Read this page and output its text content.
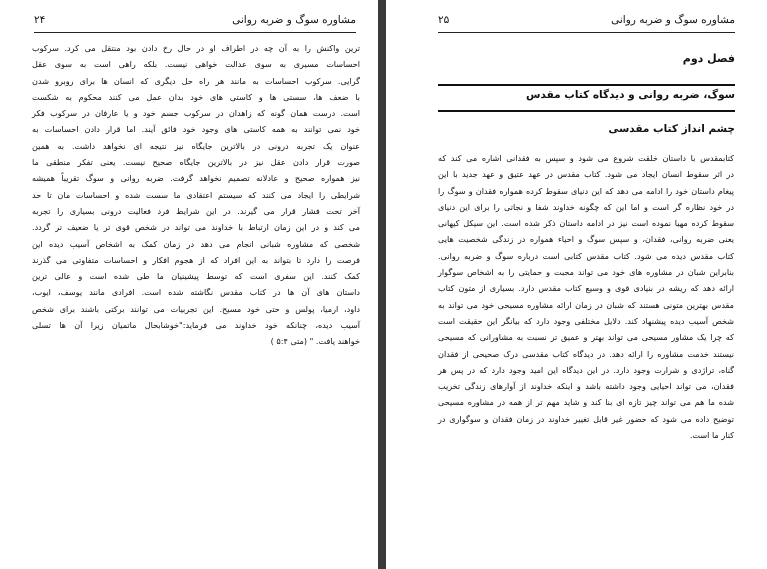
مشاوره سوگ و ضربه روانی
۲۴
ترین واکنش را به آن چه در اطراف او در حال رخ دادن بود منتقل می کرد. سرکوب
احساسات مسیری به سوی عدالت خواهی نیست. بلکه راهی است به سوی عقل
گرایی. سرکوب احساسات به مانند هر راه حل دیگری که انسان ها برای روبرو شدن
با ضعف ها، سستی ها و کاستی های خود بدان عمل می کنند محکوم به شکست
است. درست همان گونه که زاهدان در سرکوب جسم خود و یا عارفان در سرکوب فکر
خود نمی توانند به همه کاستی های وجود خود فائق آیند. اما قرار دادن احساسات به
عنوان یک تجربه درونی در بالاترین جایگاه نیز نتیجه ای نخواهد داشت. به همین
صورت قرار دادن عقل نیز در بالاترین جایگاه صحیح نیست. یعنی تفکر منطقی ما
نیز همواره صحیح و عادلانه تصمیم نخواهد گرفت. ضربه روانی و سوگ تقریباً همیشه
شرایطی را ایجاد می کنند که سیستم اعتقادی ما سست شده و احساسات مان تا حد
آخر تحت فشار قرار می گیرند. در این شرایط فرد فعالیت درونی بسیاری را تجربه
می کند و در این زمان ارتباط با خداوند می تواند در شخص قوی تر یا ضعیف تر گردد.
شخصی که مشاوره شبانی انجام می دهد در زمان کمک به اشخاص آسیب دیده این
فرصت را دارد تا بتواند به این افراد که از هجوم افکار و احساسات متفاوتی می گذرند
کمک کنند. این سفری است که توسط پیشینیان ما طی شده است و عالی ترین
داستان های آن ها در کتاب مقدس نگاشته شده است. افرادی مانند یوسف، ایوب،
داود، ارمیا، پولس و حتی خود مسیح. این تجربیات می توانند برکتی باشند برای شخص
آسیب دیده، چنانکه خود خداوند می فرماید:"خوشابحال ماتمیان زیرا آن ها تسلی
خواهند یافت. " (متی ۵:۴ )
مشاوره سوگ و ضربه روانی
۲۵
فصل دوم
سوگ، ضربه روانی و دیدگاه کتاب مقدس
چشم انداز کتاب مقدسی
کتابمقدس با داستان خلقت شروع می شود و سپس به فقدانی اشاره می کند که
در اثر سقوط انسان ایجاد می شود. کتاب مقدس در عهد عتیق و عهد جدید با این
پیغام داستان خود را ادامه می دهد که این دنیای سقوط کرده همواره فقدان و سوگ را
در خود نظاره گر است و اما این که چگونه خداوند شفا و نجاتی را برای این دنیای
سقوط کرده مهیا نموده است نیز در ادامه داستان ذکر شده است. این سیکل کیهانی
یعنی ضربه روانی، فقدان، و سپس سوگ و احیاء همواره در زندگی شخصیت هایی
کتاب مقدس دیده می شود. کتاب مقدس کتابی است درباره سوگ و ضربه روانی.
بنابراین شبان در مشاوره های خود می تواند محبت و حمایتی را به اشخاص سوگوار
ارائه دهد که ریشه در بنیادی قوی و وسیع کتاب مقدس دارد. بسیاری از متون کتاب
مقدس بهترین متونی هستند که شبان در زمان ارائه مشاوره مسیحی خود می تواند به
شخص آسیب دیده پیشنهاد کند. دلایل مختلفی وجود دارد که بیانگر این حقیقت است
که چرا یک مشاور مسیحی می تواند بهتر و عمیق تر نسبت به مشاورانی که مسیحی
نیستند خدمت مشاوره را ارائه دهد. در دیدگاه کتاب مقدسی درک صحیحی از فقدان
گناه، تراژدی و شرارت وجود دارد. در این دیدگاه این امید وجود دارد که در پس هر
فقدان، می تواند احیایی وجود داشته باشد و اینکه خداوند از آوارهای زندگی تخریب
شده ما هم می تواند چیز تازه ای بنا کند و شاید مهم تر از همه در مشاوره مسیحی
توضیح داده می شود که حضور غیر قابل تغییر خداوند در زمان فقدان و سوگواری در
کنار ما است.
